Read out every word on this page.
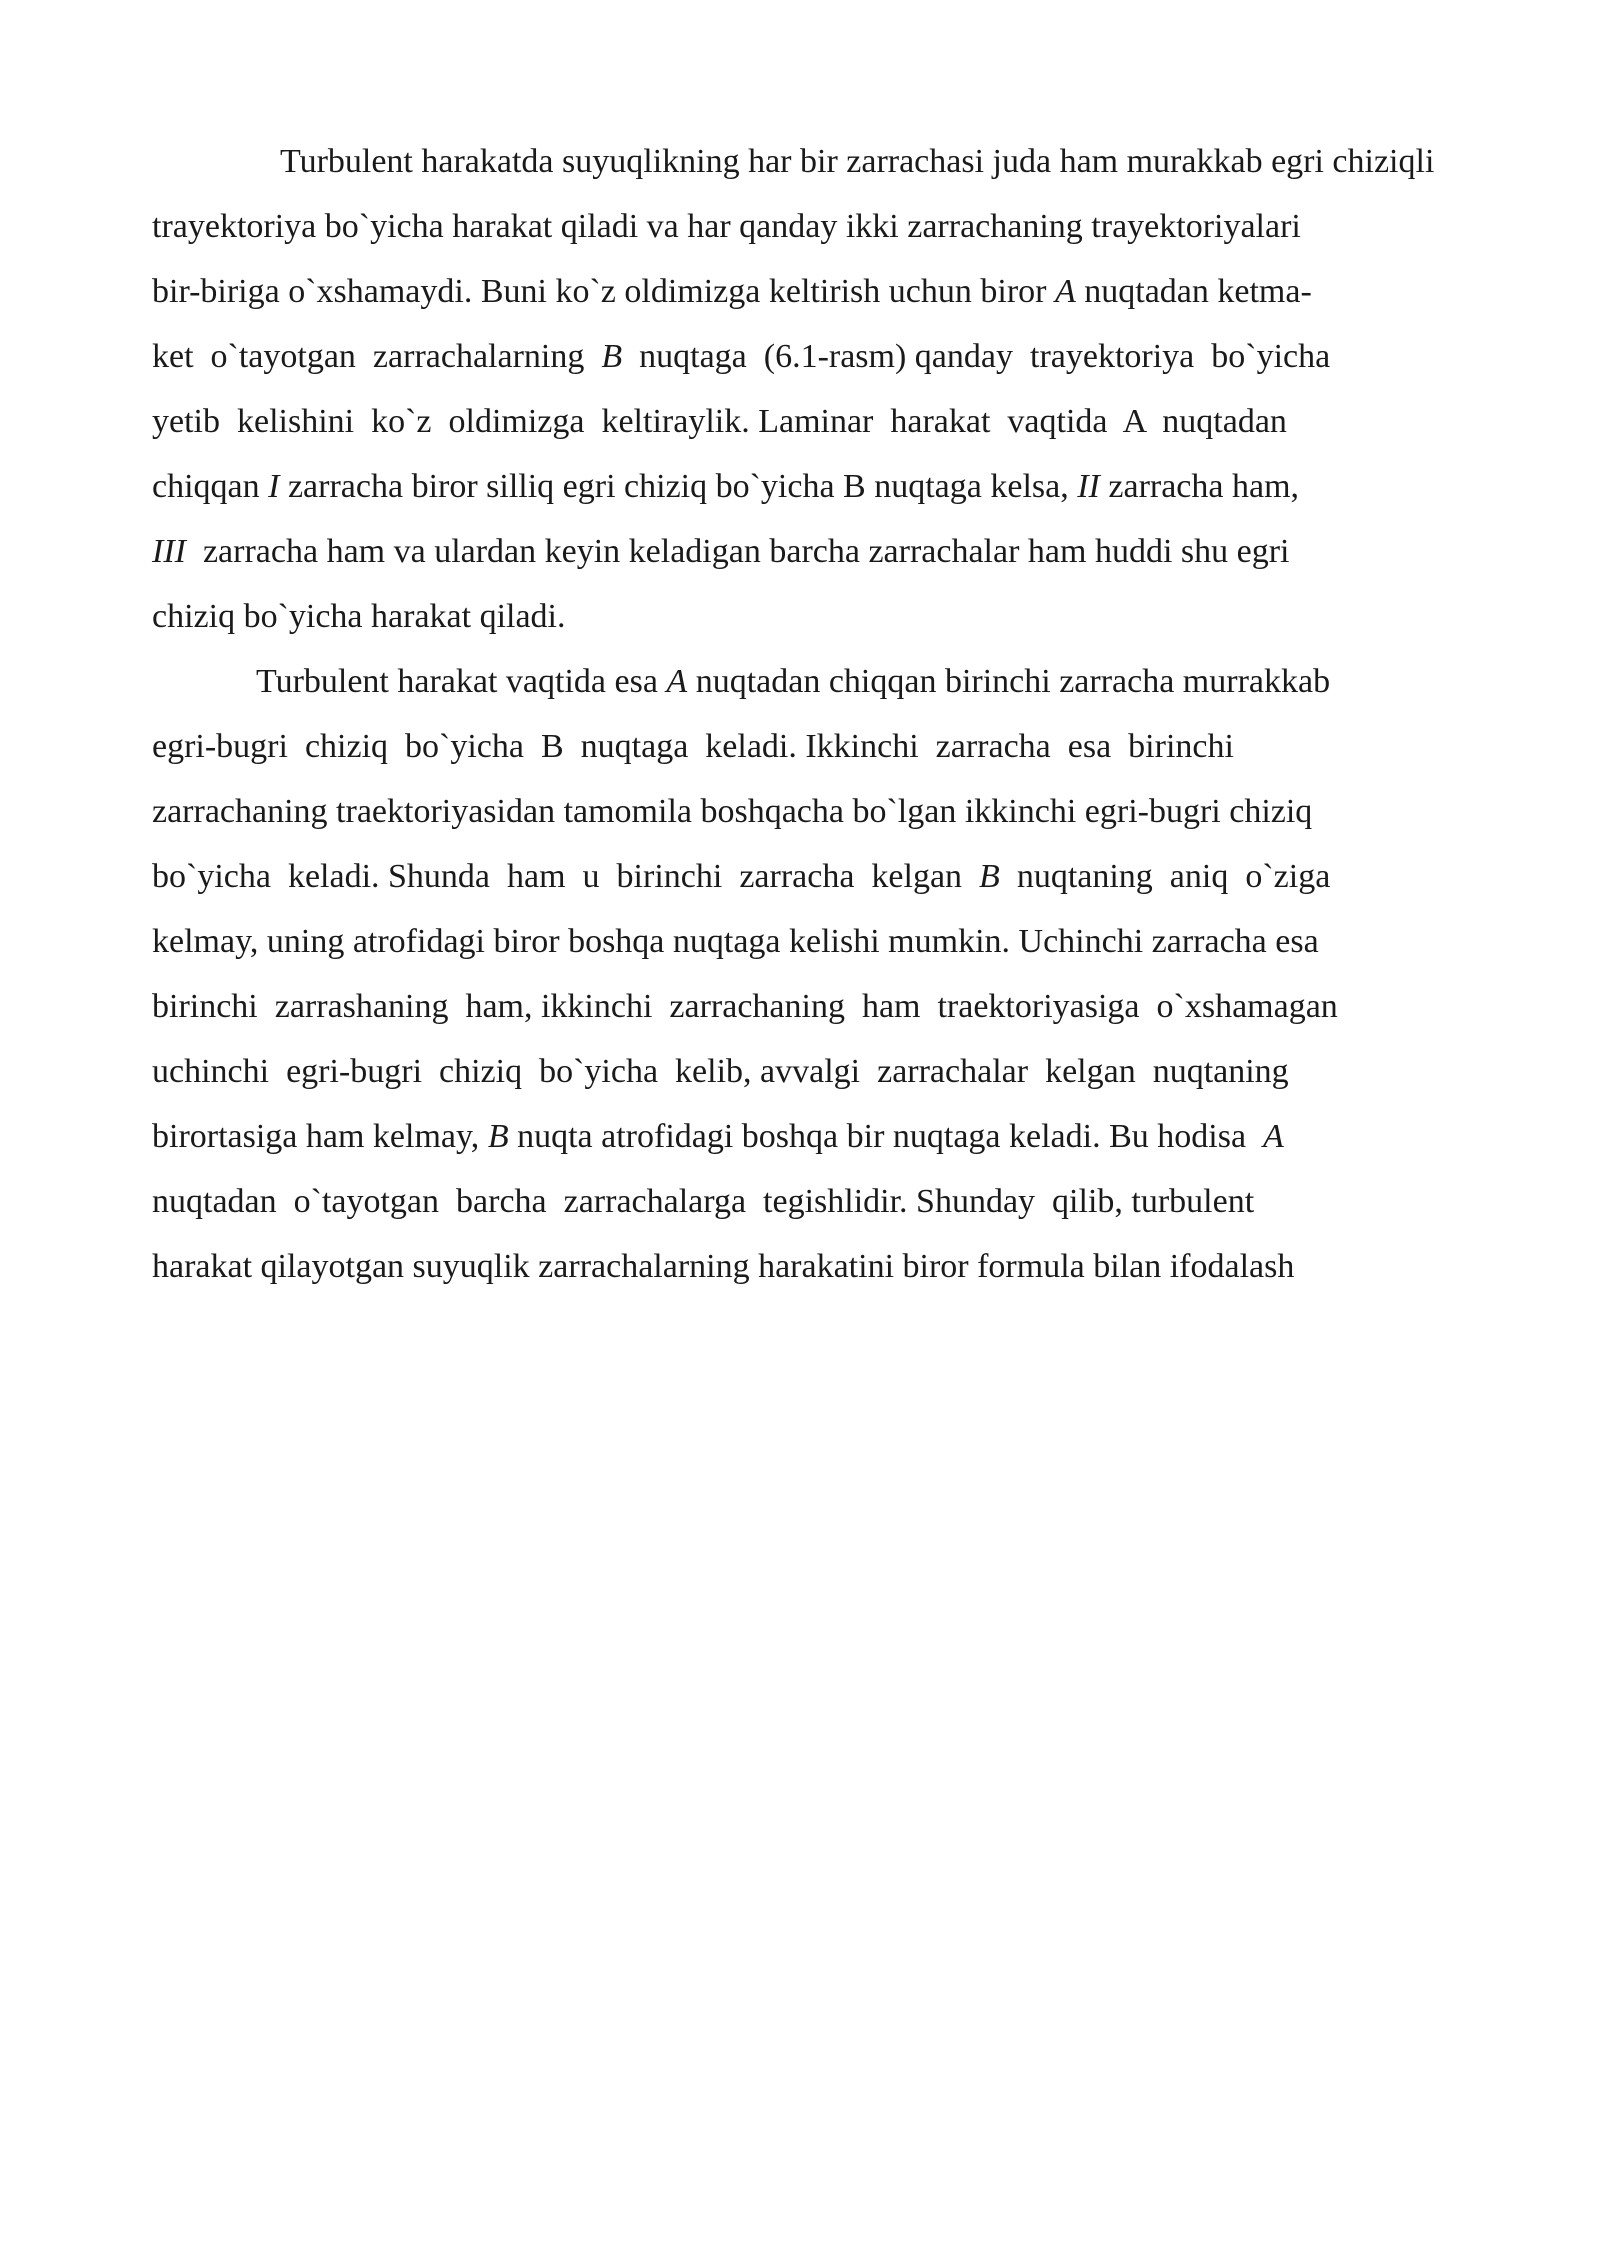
Turbulent harakatda suyuqlikning har bir zarrachasi juda ham murakkab egri chiziqli
trayektoriya bo`yicha harakat qiladi va har qanday ikki zarrachaning trayektoriyalari
bir-biriga o`xshamaydi. Buni ko`z oldimizga keltirish uchun biror A nuqtadan ketma-
ket  o`tayotgan  zarrachalarning  B  nuqtaga  (6.1-rasm) qanday  trayektoriya  bo`yicha
yetib  kelishini  ko`z  oldimizga  keltiraylik. Laminar  harakat  vaqtida  A  nuqtadan
chiqqan I zarracha biror silliq egri chiziq bo`yicha B nuqtaga kelsa, II zarracha ham,
III  zarracha ham va ulardan keyin keladigan barcha zarrachalar ham huddi shu egri
chiziq bo`yicha harakat qiladi.
Turbulent harakat vaqtida esa A nuqtadan chiqqan birinchi zarracha murrakkab
egri-bugri  chiziq  bo`yicha  B  nuqtaga  keladi. Ikkinchi  zarracha  esa  birinchi
zarrachaning traektoriyasidan tamomila boshqacha bo`lgan ikkinchi egri-bugri chiziq
bo`yicha  keladi. Shunda  ham  u  birinchi  zarracha  kelgan  B  nuqtaning  aniq  o`ziga
kelmay, uning atrofidagi biror boshqa nuqtaga kelishi mumkin. Uchinchi zarracha esa
birinchi  zarrashaning  ham, ikkinchi  zarrachaning  ham  traektoriyasiga  o`xshamagan
uchinchi  egri-bugri  chiziq  bo`yicha  kelib, avvalgi  zarrachalar  kelgan  nuqtaning
birortasiga ham kelmay, B nuqta atrofidagi boshqa bir nuqtaga keladi. Bu hodisa  A
nuqtadan  o`tayotgan  barcha  zarrachalarga  tegishlidir. Shunday  qilib, turbulent
harakat qilayotgan suyuqlik zarrachalarning harakatini biror formula bilan ifodalash
